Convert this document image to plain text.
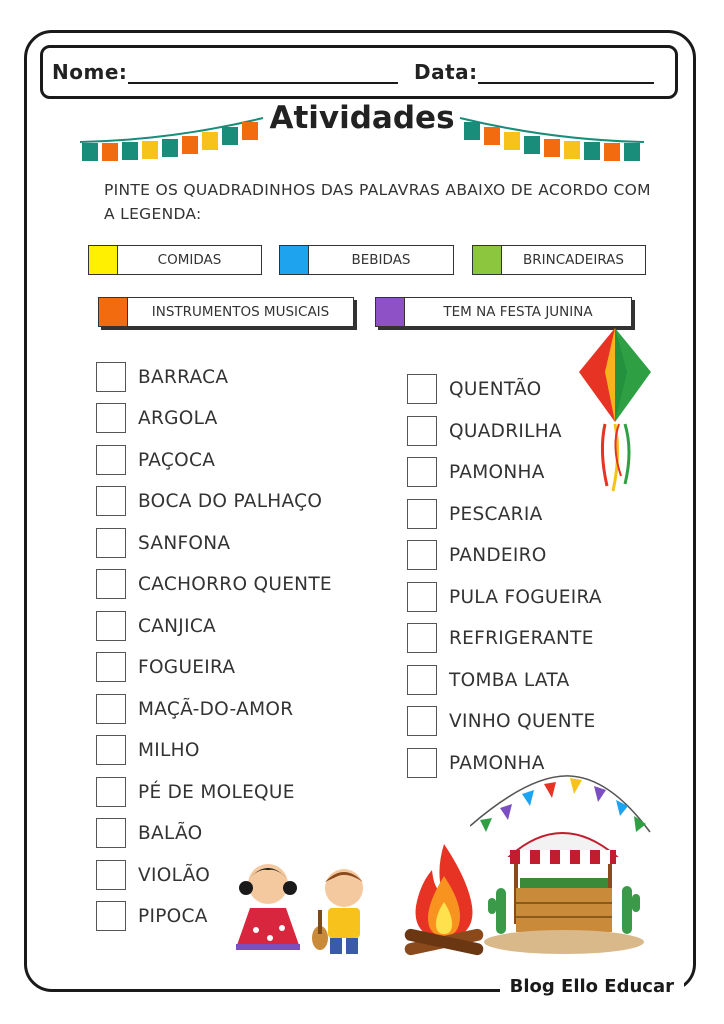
Nome:	Data:
Atividades
PINTE OS QUADRADINHOS DAS PALAVRAS ABAIXO DE ACORDO COM A LEGENDA:
COMIDAS	BEBIDAS	BRINCADEIRAS
INSTRUMENTOS MUSICAIS	TEM NA FESTA JUNINA
BARRACA
ARGOLA
PAÇOCA
BOCA DO PALHAÇO
SANFONA
CACHORRO QUENTE
CANJICA
FOGUEIRA
MAÇÃ-DO-AMOR
MILHO
PÉ DE MOLEQUE
BALÃO
VIOLÃO
PIPOCA
QUENTÃO
QUADRILHA
PAMONHA
PESCARIA
PANDEIRO
PULA FOGUEIRA
REFRIGERANTE
TOMBA LATA
VINHO QUENTE
PAMONHA
Blog Ello Educar
